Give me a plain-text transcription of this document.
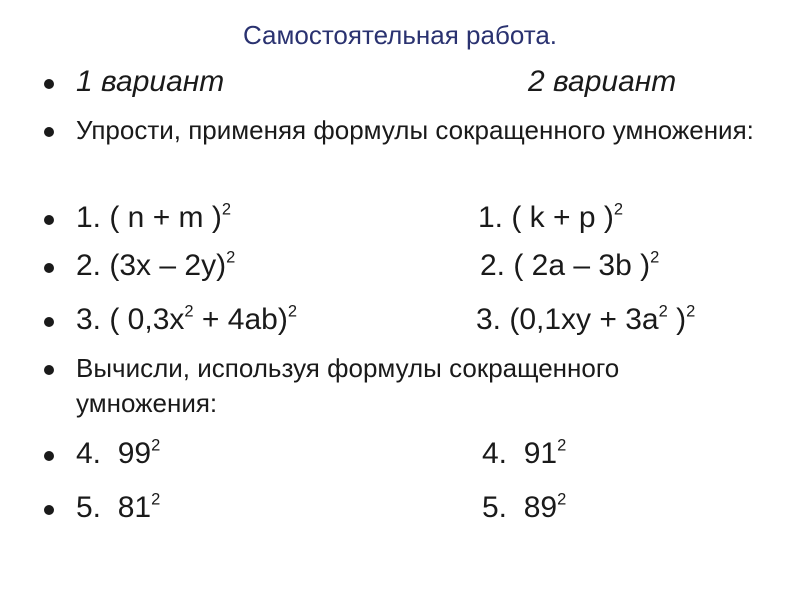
Самостоятельная работа.
1 вариант	2 вариант
Упрости, применяя формулы сокращенного умножения:
1. ( n + m )$^2$	1. ( k + p )$^2$
2. (3x – 2y)$^2$	2. ( 2a – 3b )$^2$
3. ( $0,3x^2 + 4ab)^2$	3. ($0,1xy + 3a^2$ )$^2$
Вычисли, используя формулы сокращенного умножения:
4.  $99^2$	4.  $91^2$
5.  $81^2$	5.  $89^2$
